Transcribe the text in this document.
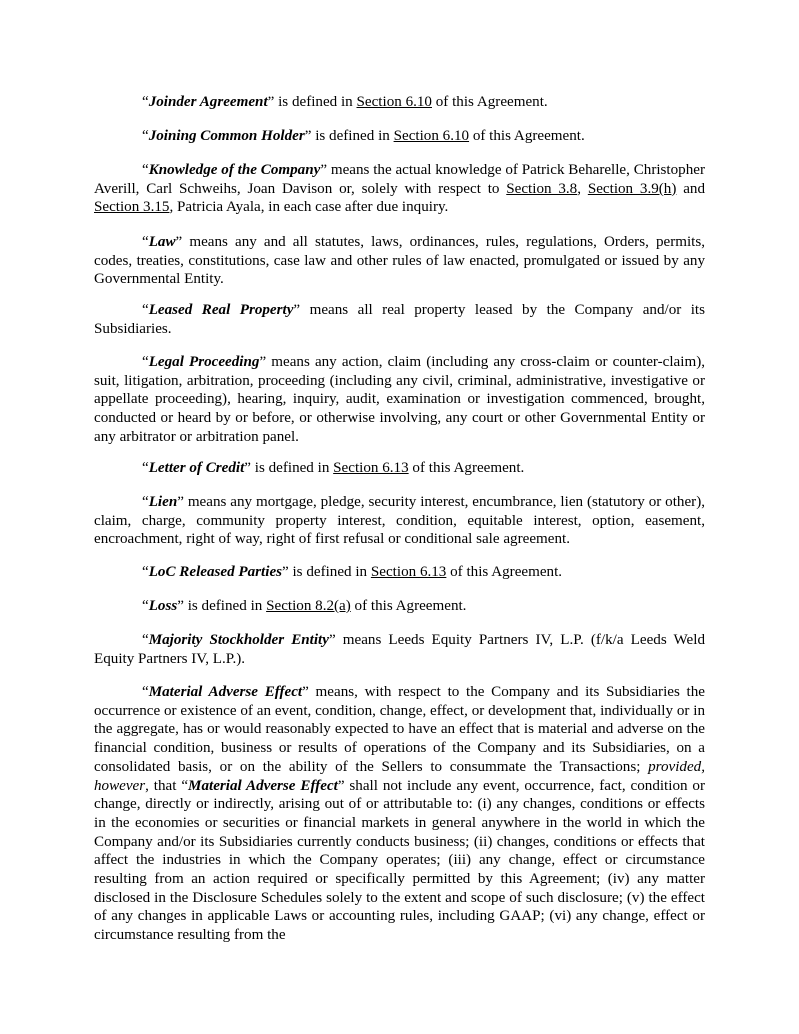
“Joinder Agreement” is defined in Section 6.10 of this Agreement.

“Joining Common Holder” is defined in Section 6.10 of this Agreement.

“Knowledge of the Company” means the actual knowledge of Patrick Beharelle, Christopher Averill, Carl Schweihs, Joan Davison or, solely with respect to Section 3.8, Section 3.9(h) and Section 3.15, Patricia Ayala, in each case after due inquiry.

“Law” means any and all statutes, laws, ordinances, rules, regulations, Orders, permits, codes, treaties, constitutions, case law and other rules of law enacted, promulgated or issued by any Governmental Entity.

“Leased Real Property” means all real property leased by the Company and/or its Subsidiaries.

“Legal Proceeding” means any action, claim (including any cross-claim or counter-claim), suit, litigation, arbitration, proceeding (including any civil, criminal, administrative, investigative or appellate proceeding), hearing, inquiry, audit, examination or investigation commenced, brought, conducted or heard by or before, or otherwise involving, any court or other Governmental Entity or any arbitrator or arbitration panel.

“Letter of Credit” is defined in Section 6.13 of this Agreement.

“Lien” means any mortgage, pledge, security interest, encumbrance, lien (statutory or other), claim, charge, community property interest, condition, equitable interest, option, easement, encroachment, right of way, right of first refusal or conditional sale agreement.

“LoC Released Parties” is defined in Section 6.13 of this Agreement.

“Loss” is defined in Section 8.2(a) of this Agreement.

“Majority Stockholder Entity” means Leeds Equity Partners IV, L.P. (f/k/a Leeds Weld Equity Partners IV, L.P.).

“Material Adverse Effect” means, with respect to the Company and its Subsidiaries the occurrence or existence of an event, condition, change, effect, or development that, individually or in the aggregate, has or would reasonably expected to have an effect that is material and adverse on the financial condition, business or results of operations of the Company and its Subsidiaries, on a consolidated basis, or on the ability of the Sellers to consummate the Transactions; provided, however, that “Material Adverse Effect” shall not include any event, occurrence, fact, condition or change, directly or indirectly, arising out of or attributable to: (i) any changes, conditions or effects in the economies or securities or financial markets in general anywhere in the world in which the Company and/or its Subsidiaries currently conducts business; (ii) changes, conditions or effects that affect the industries in which the Company operates; (iii) any change, effect or circumstance resulting from an action required or specifically permitted by this Agreement; (iv) any matter disclosed in the Disclosure Schedules solely to the extent and scope of such disclosure; (v) the effect of any changes in applicable Laws or accounting rules, including GAAP; (vi) any change, effect or circumstance resulting from the
